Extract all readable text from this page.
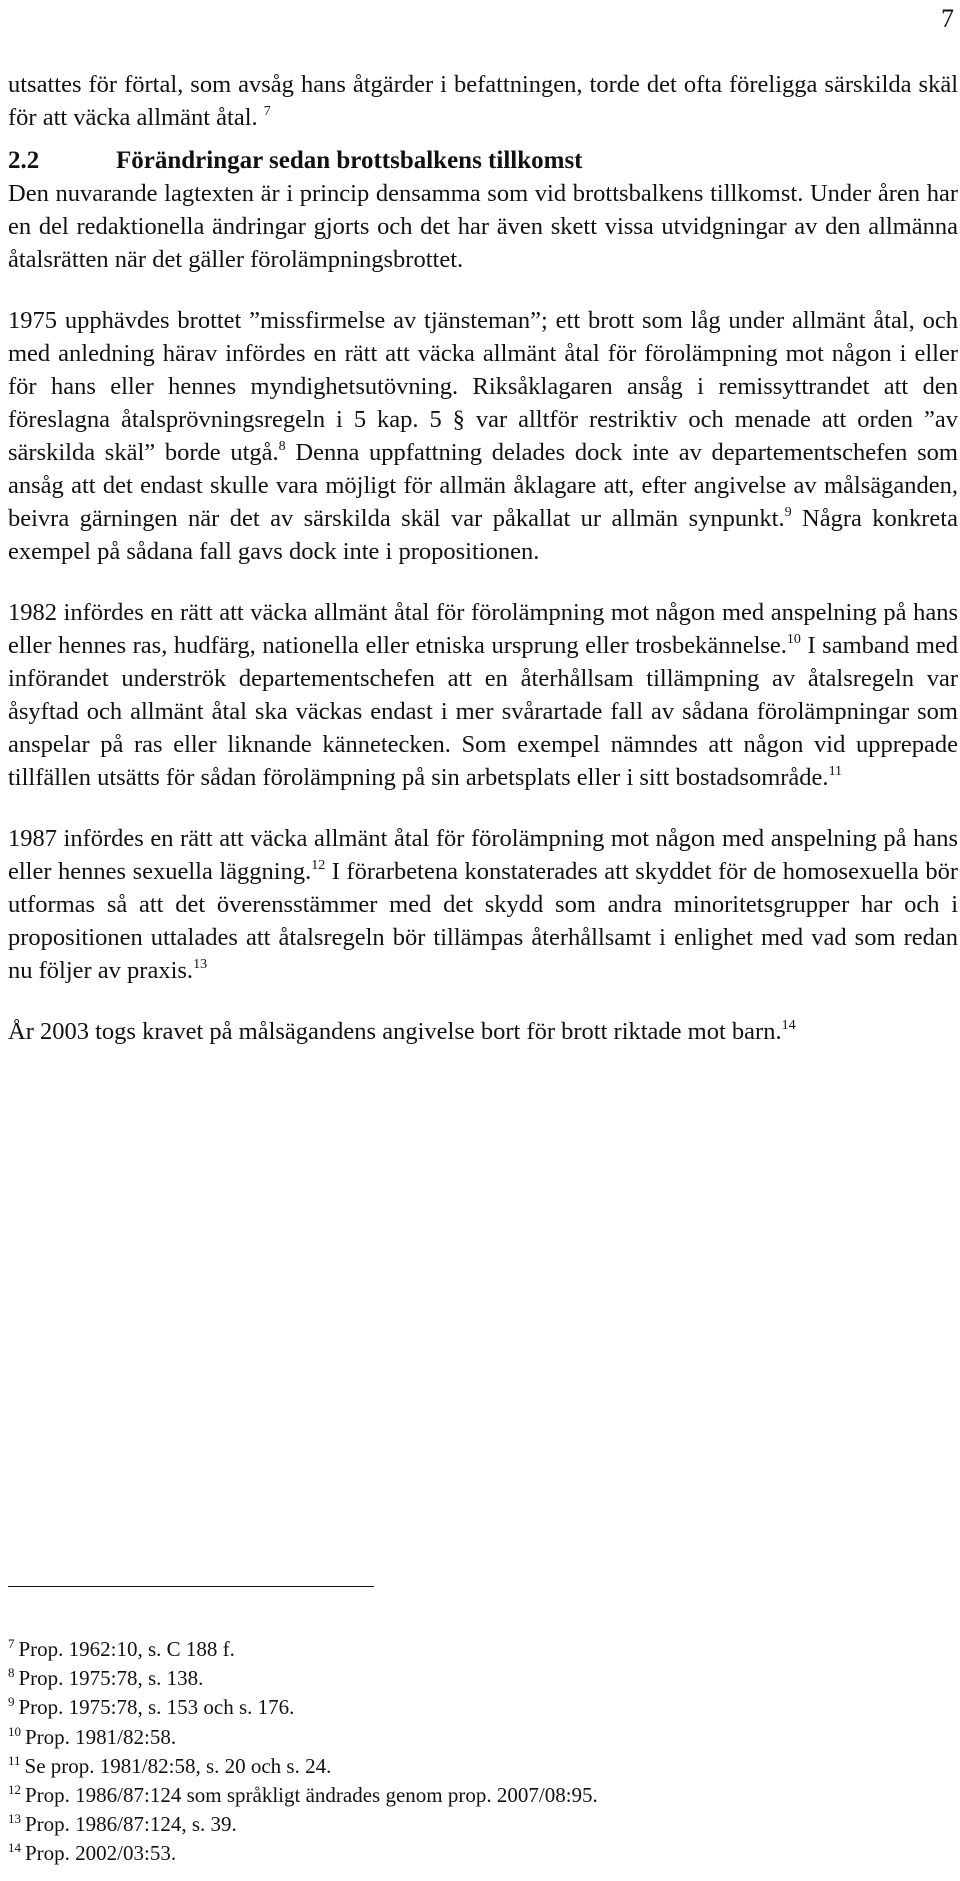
7

utsattes för förtal, som avsåg hans åtgärder i befattningen, torde det ofta föreligga särskilda skäl för att väcka allmänt åtal. $^7$

2.2	Förändringar sedan brottsbalkens tillkomst

Den nuvarande lagtexten är i princip densamma som vid brottsbalkens tillkomst. Under åren har en del redaktionella ändringar gjorts och det har även skett vissa utvidgningar av den allmänna åtalsrätten när det gäller förolämpningsbrottet.

1975 upphävdes brottet ”missfirmelse av tjänsteman”; ett brott som låg under allmänt åtal, och med anledning härav infördes en rätt att väcka allmänt åtal för förolämpning mot någon i eller för hans eller hennes myndighetsutövning. Riksåklagaren ansåg i remissyttrandet att den föreslagna åtalsprövningsregeln i 5 kap. 5 § var alltför restriktiv och menade att orden ”av särskilda skäl” borde utgå.$^8$ Denna uppfattning delades dock inte av departementschefen som ansåg att det endast skulle vara möjligt för allmän åklagare att, efter angivelse av målsäganden, beivra gärningen när det av särskilda skäl var påkallat ur allmän synpunkt.$^9$ Några konkreta exempel på sådana fall gavs dock inte i propositionen.

1982 infördes en rätt att väcka allmänt åtal för förolämpning mot någon med anspelning på hans eller hennes ras, hudfärg, nationella eller etniska ursprung eller trosbekännelse.$^{10}$ I samband med införandet underströk departementschefen att en återhållsam tillämpning av åtalsregeln var åsyftad och allmänt åtal ska väckas endast i mer svårartade fall av sådana förolämpningar som anspelar på ras eller liknande kännetecken. Som exempel nämndes att någon vid upprepade tillfällen utsätts för sådan förolämpning på sin arbetsplats eller i sitt bostadsområde.$^{11}$

1987 infördes en rätt att väcka allmänt åtal för förolämpning mot någon med anspelning på hans eller hennes sexuella läggning.$^{12}$ I förarbetena konstaterades att skyddet för de homosexuella bör utformas så att det överensstämmer med det skydd som andra minoritetsgrupper har och i propositionen uttalades att åtalsregeln bör tillämpas återhållsamt i enlighet med vad som redan nu följer av praxis.$^{13}$

År 2003 togs kravet på målsägandens angivelse bort för brott riktade mot barn.$^{14}$

$^7$ Prop. 1962:10, s. C 188 f.
$^8$ Prop. 1975:78, s. 138.
$^9$ Prop. 1975:78, s. 153 och s. 176.
$^{10}$ Prop. 1981/82:58.
$^{11}$ Se prop. 1981/82:58, s. 20 och s. 24.
$^{12}$ Prop. 1986/87:124 som språkligt ändrades genom prop. 2007/08:95.
$^{13}$ Prop. 1986/87:124, s. 39.
$^{14}$ Prop. 2002/03:53.
